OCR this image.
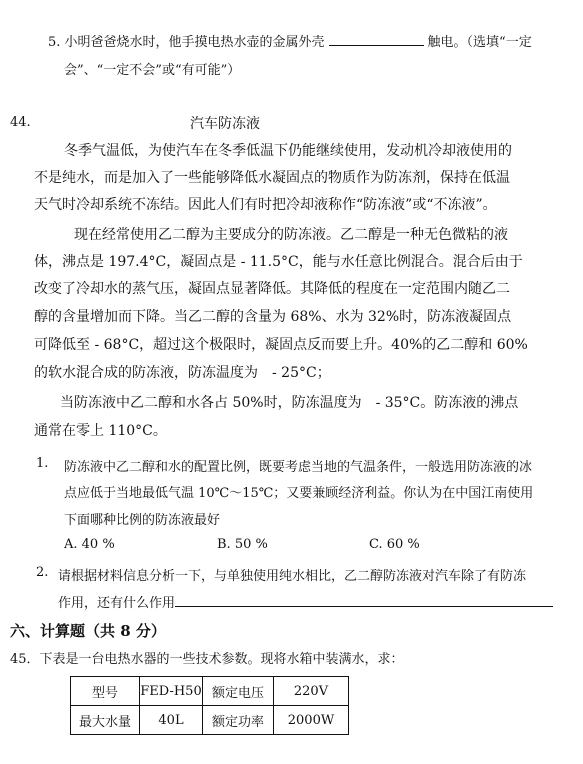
5. 小明爸爸烧水时，他手摸电热水壶的金属外壳	触电。（选填“一定
会”、“一定不会”或“有可能”）
44.	汽车防冻液
冬季气温低，为使汽车在冬季低温下仍能继续使用，发动机冷却液使用的
不是纯水，而是加入了一些能够降低水凝固点的物质作为防冻剂，保持在低温
天气时冷却系统不冻结。因此人们有时把冷却液称作“防冻液”或“不冻液”。
现在经常使用乙二醇为主要成分的防冻液。乙二醇是一种无色微粘的液
体，沸点是 197.4°C，凝固点是 - 11.5°C，能与水任意比例混合。混合后由于
改变了冷却水的蒸气压，凝固点显著降低。其降低的程度在一定范围内随乙二
醇的含量增加而下降。当乙二醇的含量为 68%、水为 32%时，防冻液凝固点
可降低至 - 68°C，超过这个极限时，凝固点反而要上升。40%的乙二醇和 60%
的软水混合成的防冻液，防冻温度为　- 25°C；
当防冻液中乙二醇和水各占 50%时，防冻温度为　- 35°C。防冻液的沸点
通常在零上 110°C。
1. 防冻液中乙二醇和水的配置比例，既要考虑当地的气温条件，一般选用防冻液的冰
点应低于当地最低气温 10℃～15℃；又要兼顾经济利益。你认为在中国江南使用
下面哪种比例的防冻液最好
A. 40 %	B. 50 %	C. 60 %
2. 请根据材料信息分析一下，与单独使用纯水相比，乙二醇防冻液对汽车除了有防冻
作用，还有什么作用
六、计算题（共 8 分）
45．下表是一台电热水器的一些技术参数。现将水箱中装满水，求：
型号	FED-H50	额定电压	220V
最大水量	40L	额定功率	2000W
